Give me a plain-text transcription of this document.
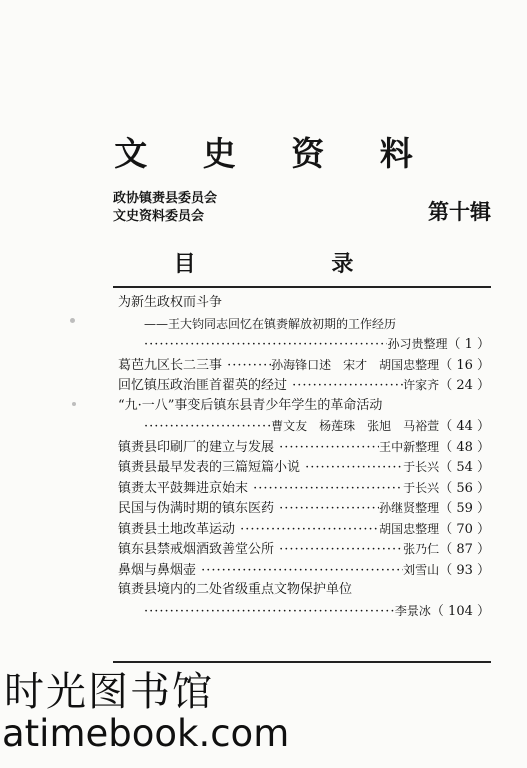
文 史 资 料
政协镇赉县委员会
文史资料委员会	第十辑
目 录
为新生政权而斗争
——王大钧同志回忆在镇赉解放初期的工作经历
·····
孙习贵整理（ 1 ）
葛芭九区长二三事 ·····	孙海锋口述　宋才　胡国忠整理（ 16 ）
回忆镇压政治匪首翟英的经过 ·····	许家齐（ 24 ）
“九·一八”事变后镇东县青少年学生的革命活动
·····
曹文友　杨莲珠　张旭　马裕萱（ 44 ）
镇赉县印刷厂的建立与发展 ·····	王中新整理（ 48 ）
镇赉县最早发表的三篇短篇小说 ·····	于长兴（ 54 ）
镇赉太平鼓舞进京始末 ·····	于长兴（ 56 ）
民国与伪满时期的镇东医药 ·····	孙继贤整理（ 59 ）
镇赉县土地改革运动 ·····	胡国忠整理（ 70 ）
镇东县禁戒烟酒致善堂公所 ·····	张乃仁（ 87 ）
鼻烟与鼻烟壶 ·····	刘雪山（ 93 ）
镇赉县境内的二处省级重点文物保护单位
·····
李景冰（ 104 ）
时光图书馆
atimebook.com
